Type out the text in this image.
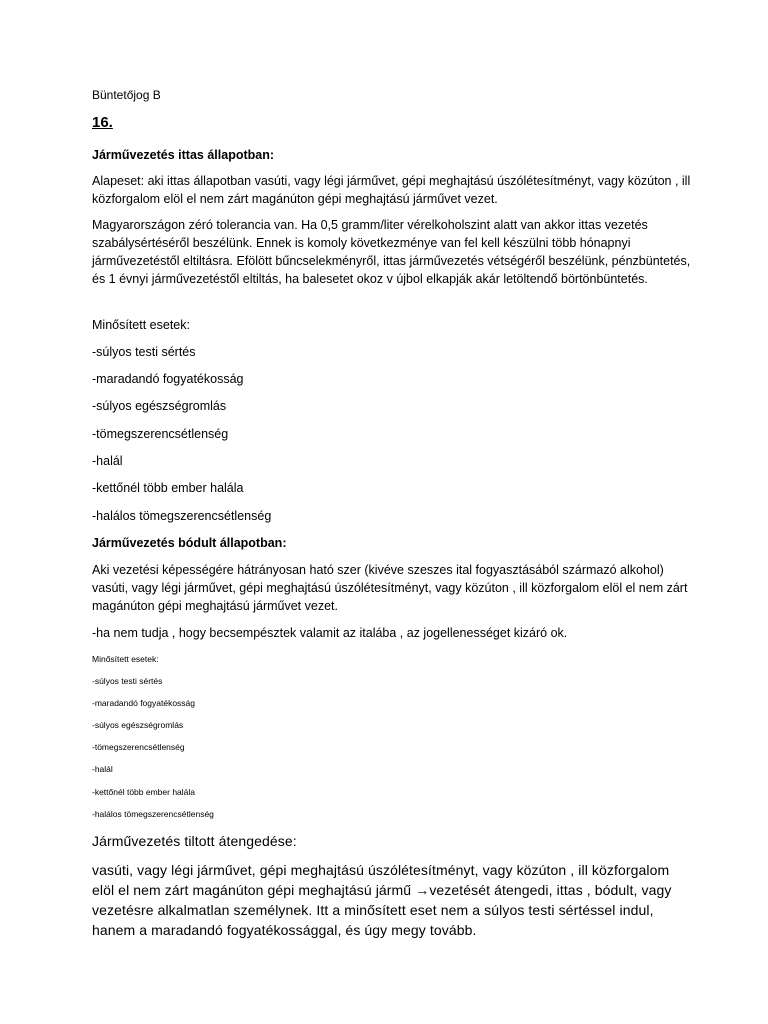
Büntetőjog B

16.

Járművezetés ittas állapotban:

Alapeset: aki ittas állapotban vasúti, vagy légi járművet, gépi meghajtású úszólétesítményt, vagy közúton , ill közforgalom elöl el nem zárt magánúton gépi meghajtású járművet vezet.

Magyarországon zéró tolerancia van. Ha 0,5 gramm/liter vérelkoholszint alatt van akkor ittas vezetés szabálysértéséről beszélünk. Ennek is komoly következménye van fel kell készülni több hónapnyi járművezetéstől eltiltásra. Efölött bűncselekményről, ittas járművezetés vétségéről beszélünk, pénzbüntetés, és 1 évnyi járművezetéstől eltiltás, ha balesetet okoz v újbol elkapják akár letöltendő börtönbüntetés.

Minősített esetek:

-súlyos testi sértés

-maradandó fogyatékosság

-súlyos egészségromlás

-tömegszerencsétlenség

-halál

-kettőnél több ember halála

-halálos tömegszerencsétlenség

Járművezetés bódult állapotban:

Aki vezetési képességére hátrányosan ható szer (kivéve szeszes ital fogyasztásából származó alkohol) vasúti, vagy légi járművet, gépi meghajtású úszólétesítményt, vagy közúton , ill közforgalom elöl el nem zárt magánúton gépi meghajtású járművet vezet.

-ha nem tudja , hogy becsempésztek valamit az italába , az jogellenességet kizáró ok.

Minősített esetek:

-súlyos testi sértés

-maradandó fogyatékosság

-súlyos egészségromlás

-tömegszerencsétlenség

-halál

-kettőnél több ember halála

-halálos tömegszerencsétlenség

Járművezetés tiltott átengedése:

vasúti, vagy légi járművet, gépi meghajtású úszólétesítményt, vagy közúton , ill közforgalom elöl el nem zárt magánúton gépi meghajtású jármű →vezetését átengedi, ittas , bódult, vagy vezetésre alkalmatlan személynek. Itt a minősített eset nem a súlyos testi sértéssel indul, hanem a maradandó fogyatékossággal, és úgy megy tovább.
